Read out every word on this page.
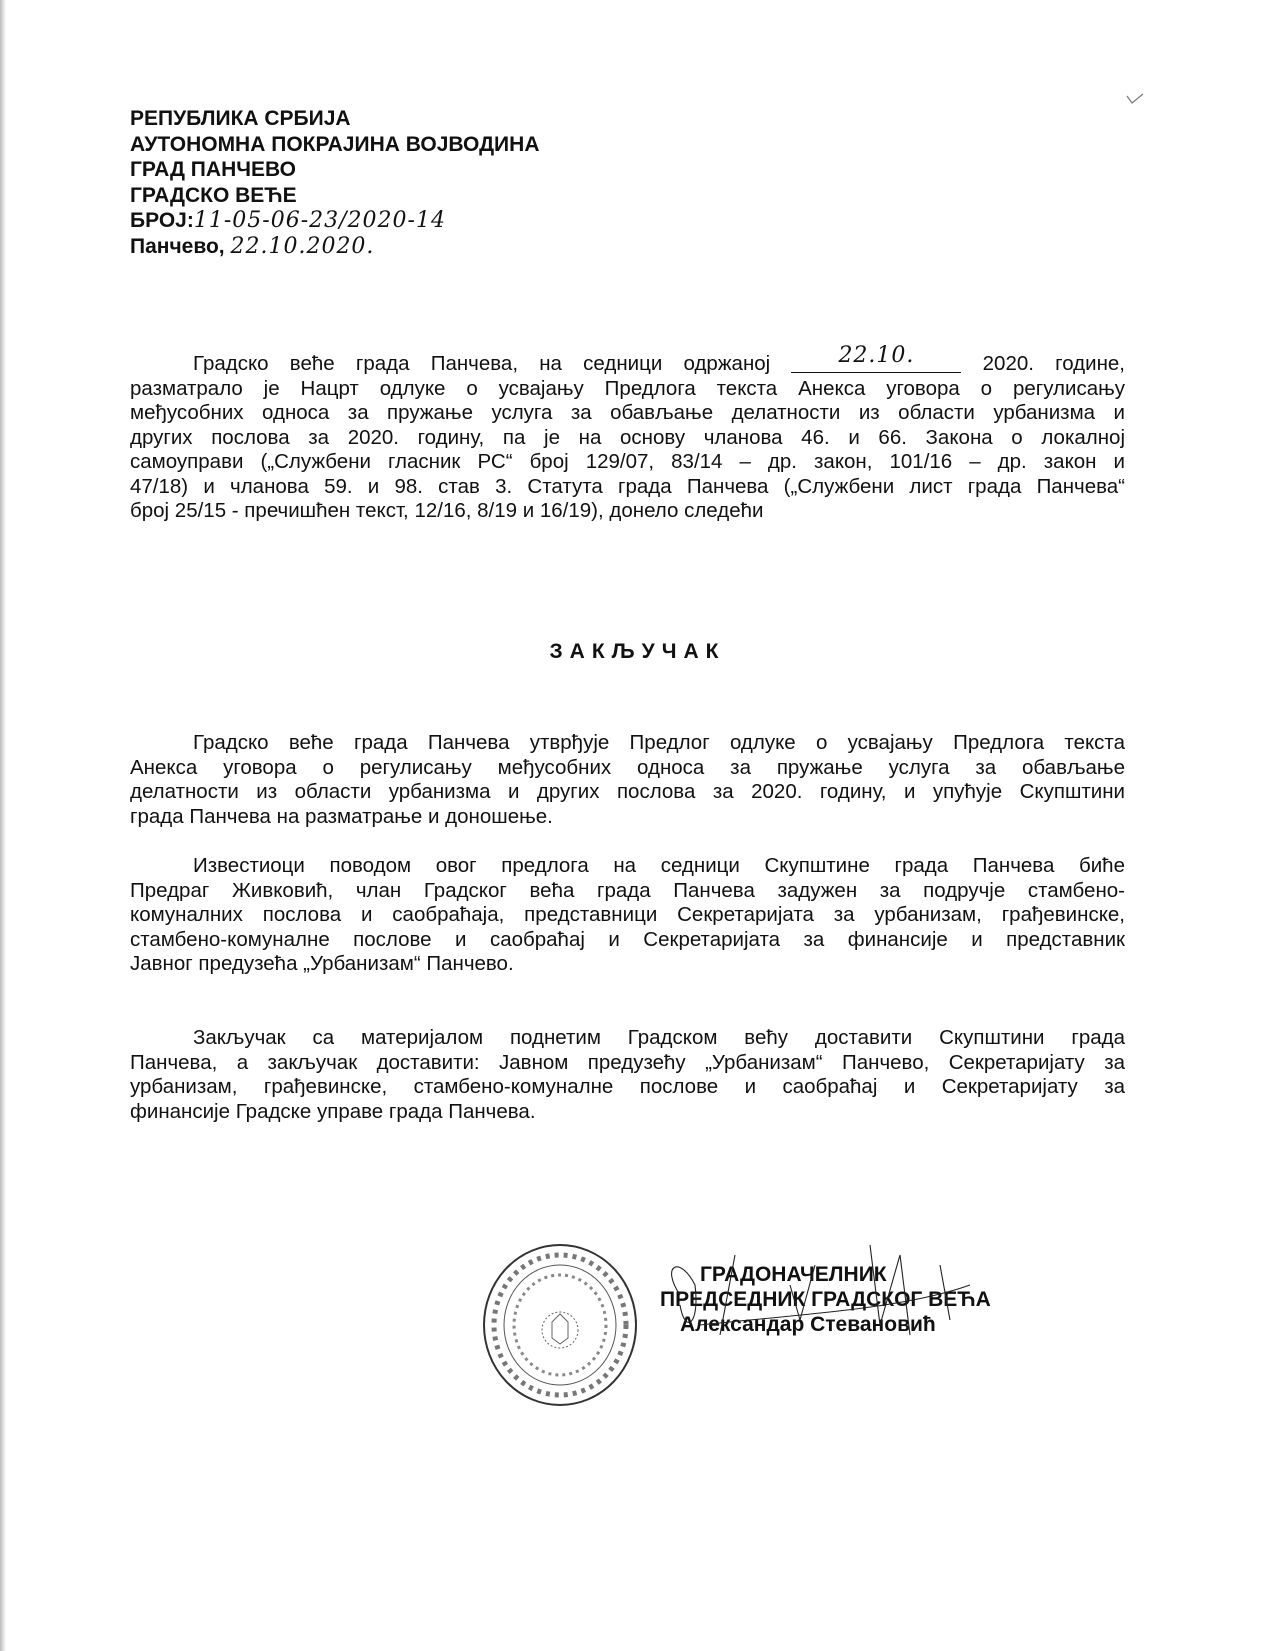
РЕПУБЛИКА СРБИЈА
АУТОНОМНА ПОКРАЈИНА ВОЈВОДИНА
ГРАД ПАНЧЕВО
ГРАДСКО ВЕЋЕ
БРОЈ:11-05-06-23/2020-14
Панчево, 22.10.2020.
Градско веће града Панчева, на седници одржаној	22.10.	2020. године,
разматрало је Нацрт одлуке о усвајању Предлога текста Анекса уговора о регулисању
међусобних односа за пружање услуга за обављање делатности из области урбанизма и
других послова за 2020. годину, па је на основу чланова 46. и 66. Закона о локалној
самоуправи („Службени гласник РС“ број 129/07, 83/14 – др. закон, 101/16 – др. закон и
47/18) и чланова 59. и 98. став 3. Статута града Панчева („Службени лист града Панчева“
број 25/15 - пречишћен текст, 12/16, 8/19 и 16/19), донело следећи
ЗАКЉУЧАК
Градско веће града Панчева утврђује Предлог одлуке о усвајању Предлога текста
Анекса уговора о регулисању међусобних односа за пружање услуга за обављање
делатности из области урбанизма и других послова за 2020. годину, и упућује Скупштини
града Панчева на разматрање и доношење.
Известиоци поводом овог предлога на седници Скупштине града Панчева биће
Предраг Живковић, члан Градског већа града Панчева задужен за подручје стамбено-
комуналних послова и саобраћаја, представници Секретаријата за урбанизам, грађевинске,
стамбено-комуналне послове и саобраћај и Секретаријата за финансије и представник
Јавног предузећа „Урбанизам“ Панчево.
Закључак са материјалом поднетим Градском већу доставити Скупштини града
Панчева, а закључак доставити: Јавном предузећу „Урбанизам“ Панчево, Секретаријату за
урбанизам, грађевинске, стамбено-комуналне послове и саобраћај и Секретаријату за
финансије Градске управе града Панчева.
ГРАДОНАЧЕЛНИК
ПРЕДСЕДНИК ГРАДСКОГ ВЕЋА
Александар Стевановић
